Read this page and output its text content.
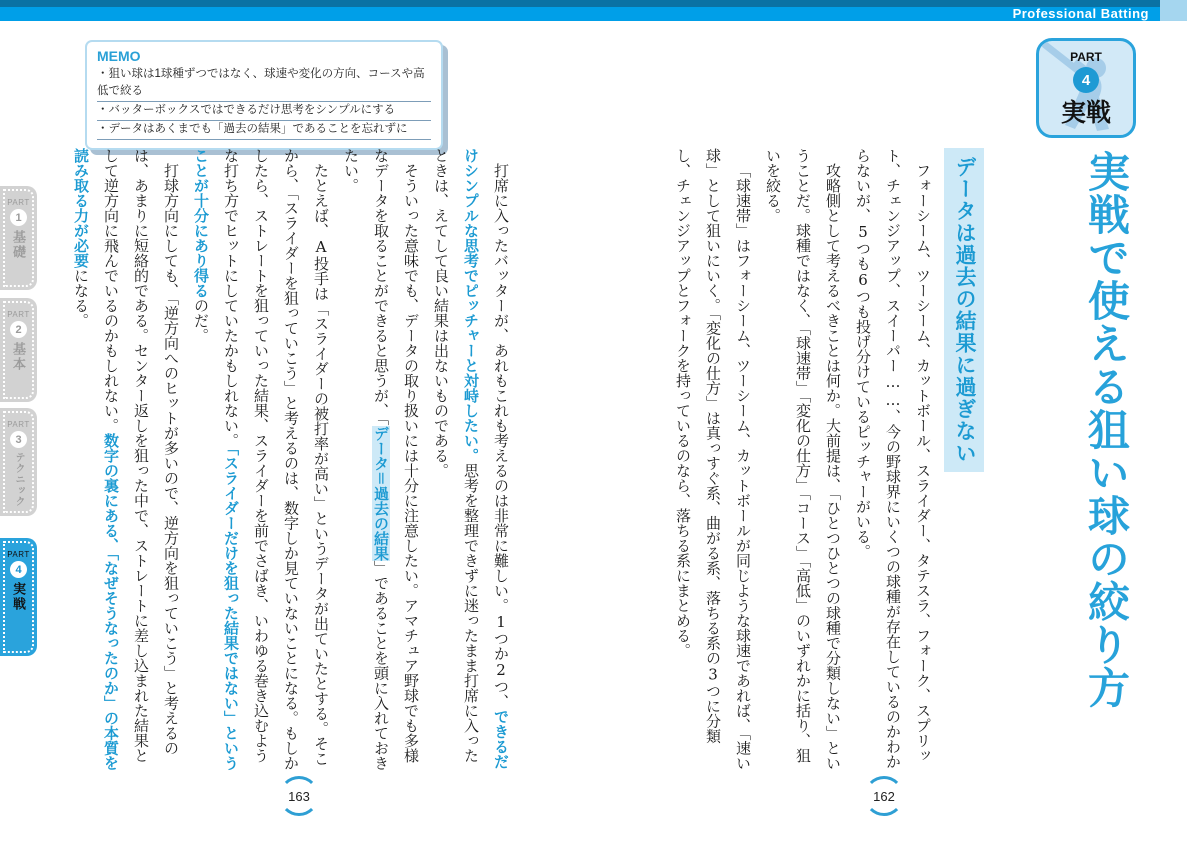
Professional Batting
MEMO
・狙い球は1球種ずつではなく、球速や変化の方向、コースや高低で絞る
・バッターボックスではできるだけ思考をシンプルにする
・データはあくまでも「過去の結果」であることを忘れずに
PART
1
基礎
PART
2
基本
PART
3
テクニック
PART
4
実戦
PART
4
実戦
実戦で使える狙い球の絞り方
データは過去の結果に過ぎない

フォーシーム、ツーシーム、カットボール、スライダー、タテスラ、フォーク、スプリット、チェンジアップ、スイーパー……、今の野球界にいくつの球種が存在しているのかわからないが、5つも6つも投げ分けているピッチャーがいる。

攻略側として考えるべきことは何か。大前提は、「ひとつひとつの球種で分類しない」ということだ。球種ではなく、「球速帯」「変化の仕方」「コース」「高低」のいずれかに括り、狙いを絞る。

「球速帯」はフォーシーム、ツーシーム、カットボールが同じような球速であれば、「速い球」として狙いにいく。「変化の仕方」は真っすぐ系、曲がる系、落ちる系の3つに分類し、チェンジアップとフォークを持っているのなら、落ちる系にまとめる。

打席に入ったバッターが、あれもこれも考えるのは非常に難しい。1つか2つ、できるだけシンプルな思考でピッチャーと対峙したい。思考を整理できずに迷ったまま打席に入ったときは、えてして良い結果は出ないものである。

そういった意味でも、データの取り扱いには十分に注意したい。アマチュア野球でも多様なデータを取ることができると思うが、「データ＝過去の結果」であることを頭に入れておきたい。

たとえば、A投手は「スライダーの被打率が高い」というデータが出ていたとする。そこから、「スライダーを狙っていこう」と考えるのは、数字しか見ていないことになる。もしかしたら、ストレートを狙っていった結果、スライダーを前でさばき、いわゆる巻き込むような打ち方でヒットにしていたかもしれない。「スライダーだけを狙った結果ではない」ということが十分にあり得るのだ。

打球方向にしても、「逆方向へのヒットが多いので、逆方向を狙っていこう」と考えるのは、あまりに短絡的である。センター返しを狙った中で、ストレートに差し込まれた結果として逆方向に飛んでいるのかもしれない。数字の裏にある、「なぜそうなったのか」の本質を読み取る力が必要になる。

163	162
